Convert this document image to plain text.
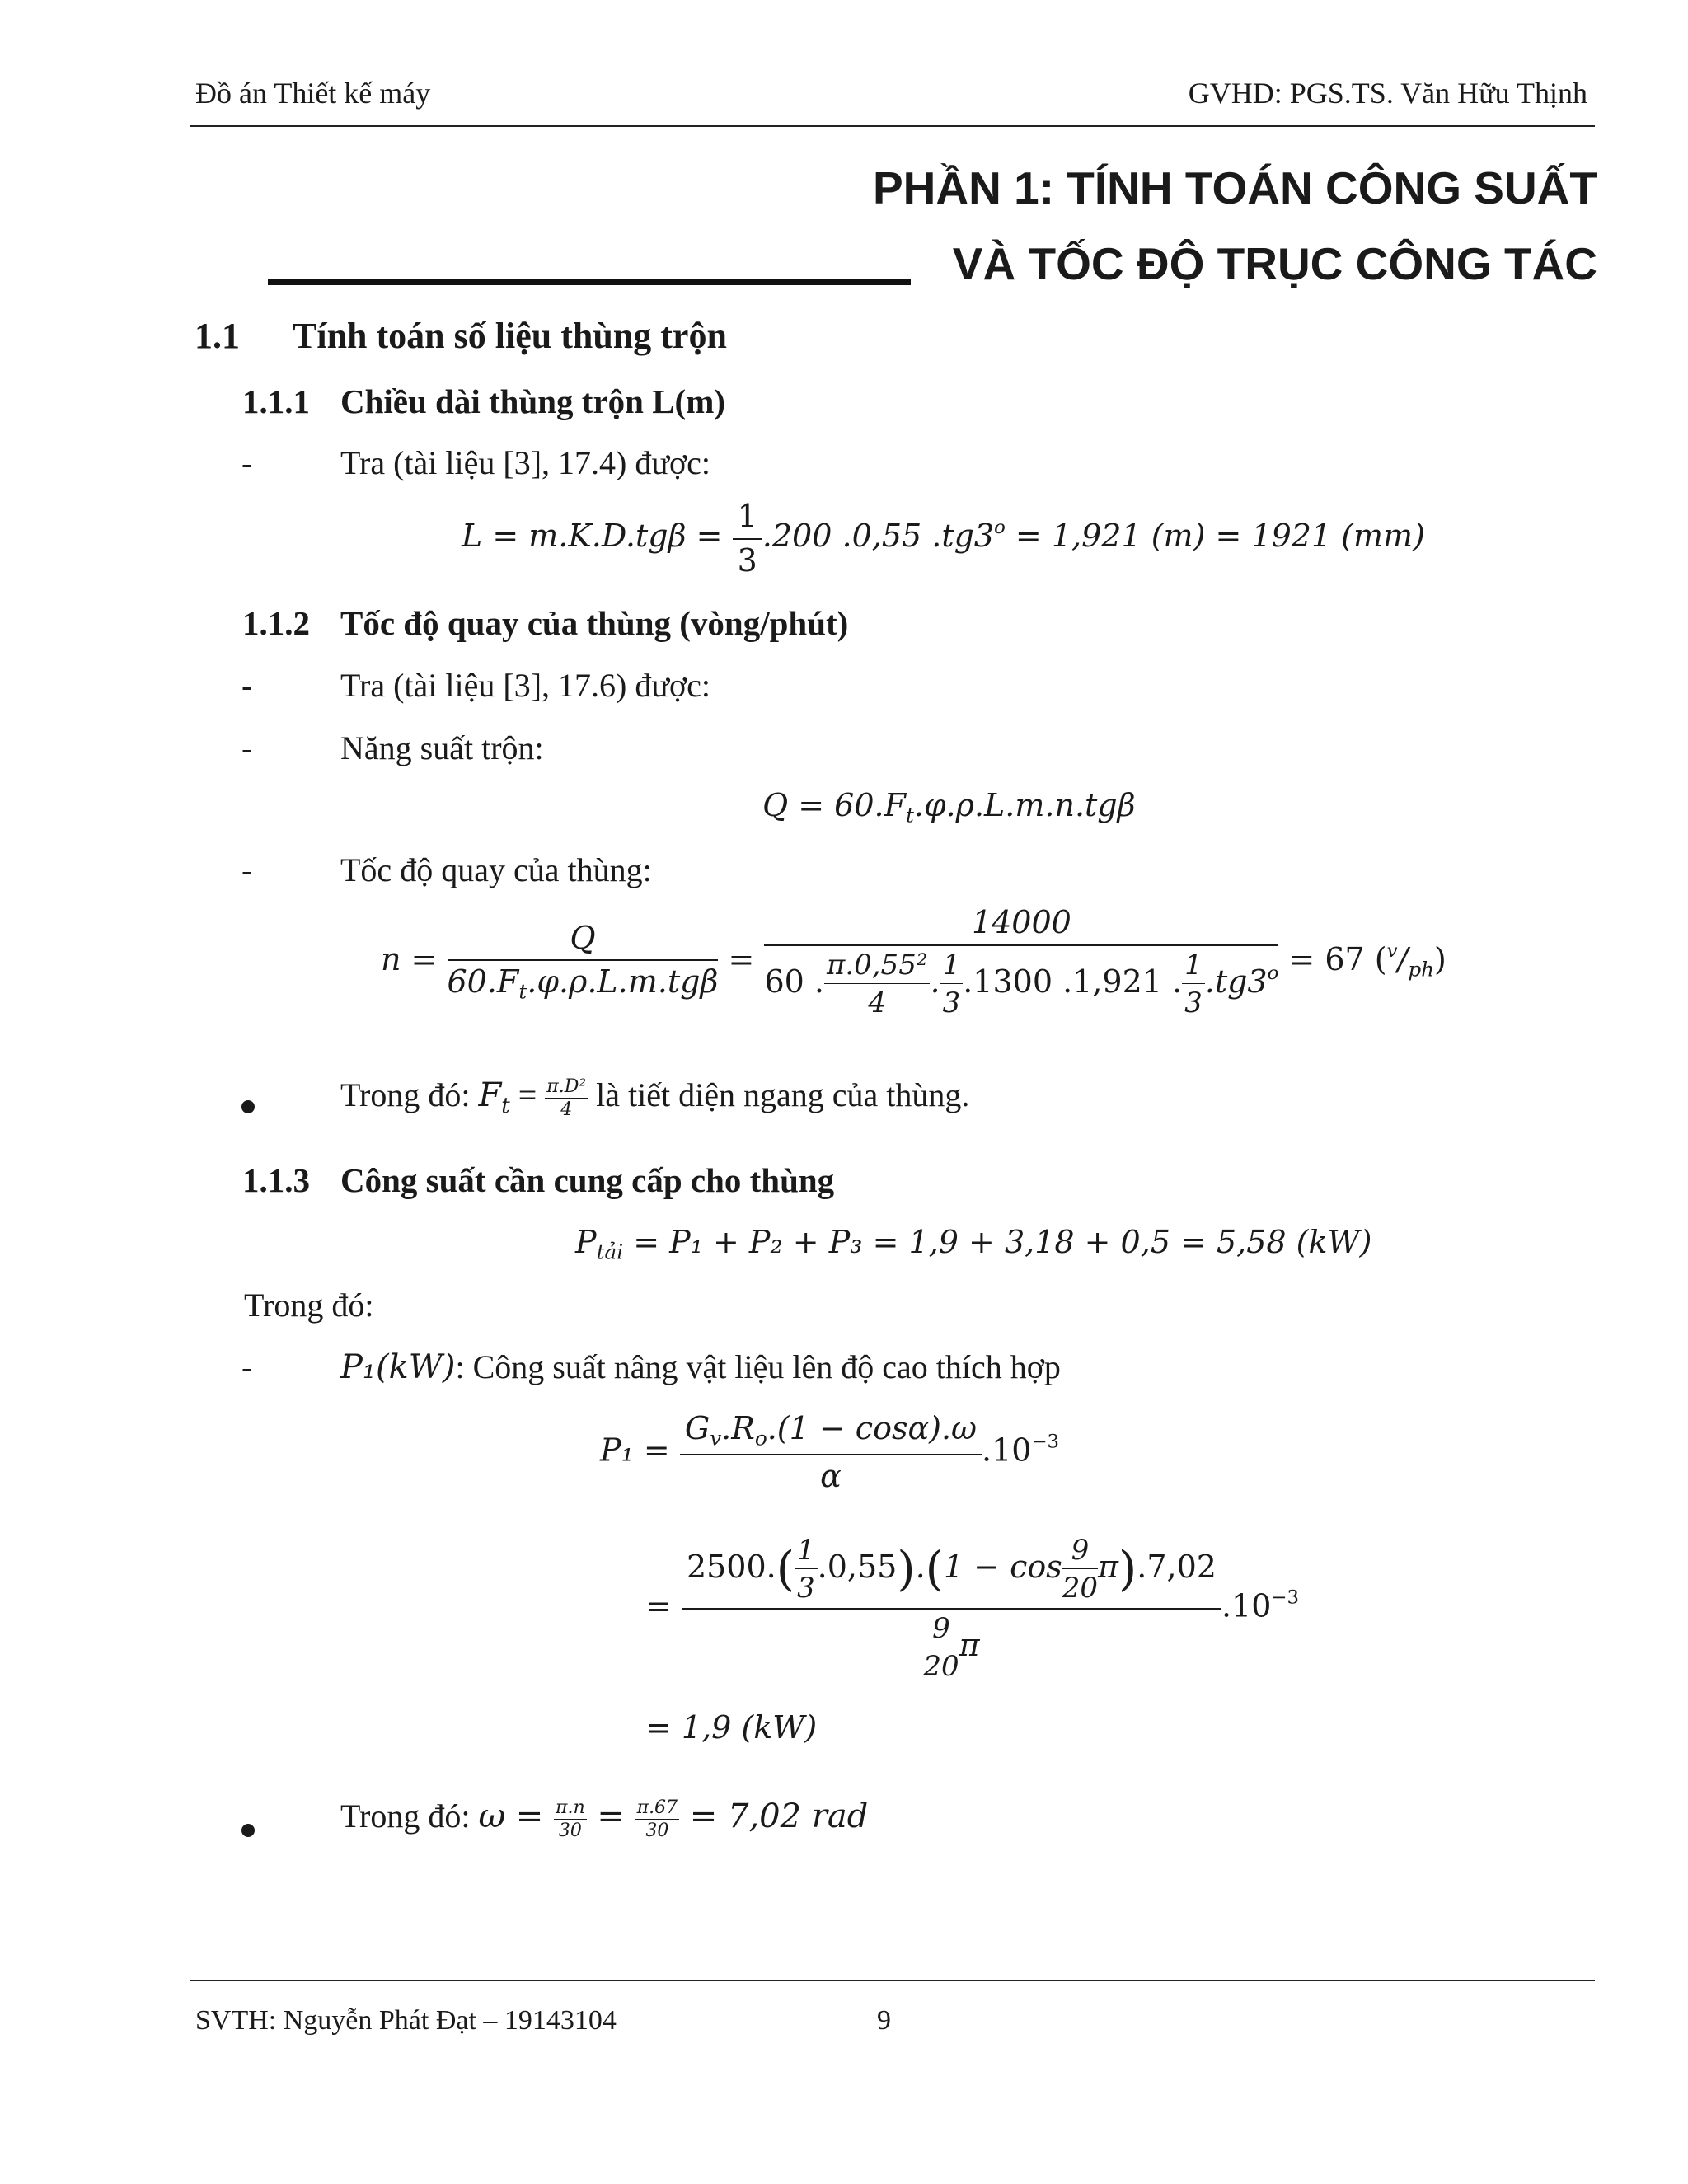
Đồ án Thiết kế máy	GVHD: PGS.TS. Văn Hữu Thịnh
PHẦN 1: TÍNH TOÁN CÔNG SUẤT
VÀ TỐC ĐỘ TRỤC CÔNG TÁC
1.1 Tính toán số liệu thùng trộn
1.1.1 Chiều dài thùng trộn L(m)
-	Tra (tài liệu [3], 17.4) được:
$L = m.K.D.tg\beta = \frac{1}{3} .200$ .0,55 $.tg3^o = 1,921$ (m) = 1921 (mm)
1.1.2 Tốc độ quay của thùng (vòng/phút)
-	Tra (tài liệu [3], 17.6) được:
-	Năng suất trộn:
$Q = 60.F_t.\varphi.\rho.L.m.n.tg\beta$
-	Tốc độ quay của thùng:
$n = \frac{Q}{60.F_t.\varphi.\rho.L.m.tg\beta} = \frac{14000}{60 . \frac{\text{π.0,55²}}{4} . \frac{1}{3} .1300 .1,921 . \frac{1}{3} .tg3^o} = 67$ $(^v/_{ph})$
Trong đó: $F_t = \frac{\text{π.D²}}{4}$ là tiết diện ngang của thùng.
1.1.3 Công suất cần cung cấp cho thùng
$P_{tải} = P_1 + P_2 + P_3 = 1,9 + 3,18 + 0,5 = 5,58$ (kW)
Trong đó:
-	P₁(kW): Công suất nâng vật liệu lên độ cao thích hợp
$P_1 = \frac{G_v.R_o.(1 - \cos\alpha).\omega}{\alpha} .10^{-3}$
= $\frac{2500.( \frac{1}{3} .0,55).(1 - \cos \frac{9}{20} \pi).7,02}{\frac{9}{20} \pi} .10^{-3}$
= 1,9 (kW)
Trong đó: $\omega = \frac{\pi.n}{30} = \frac{\pi.67}{30} = 7,02$ rad
SVTH: Nguyễn Phát Đạt – 19143104	9
